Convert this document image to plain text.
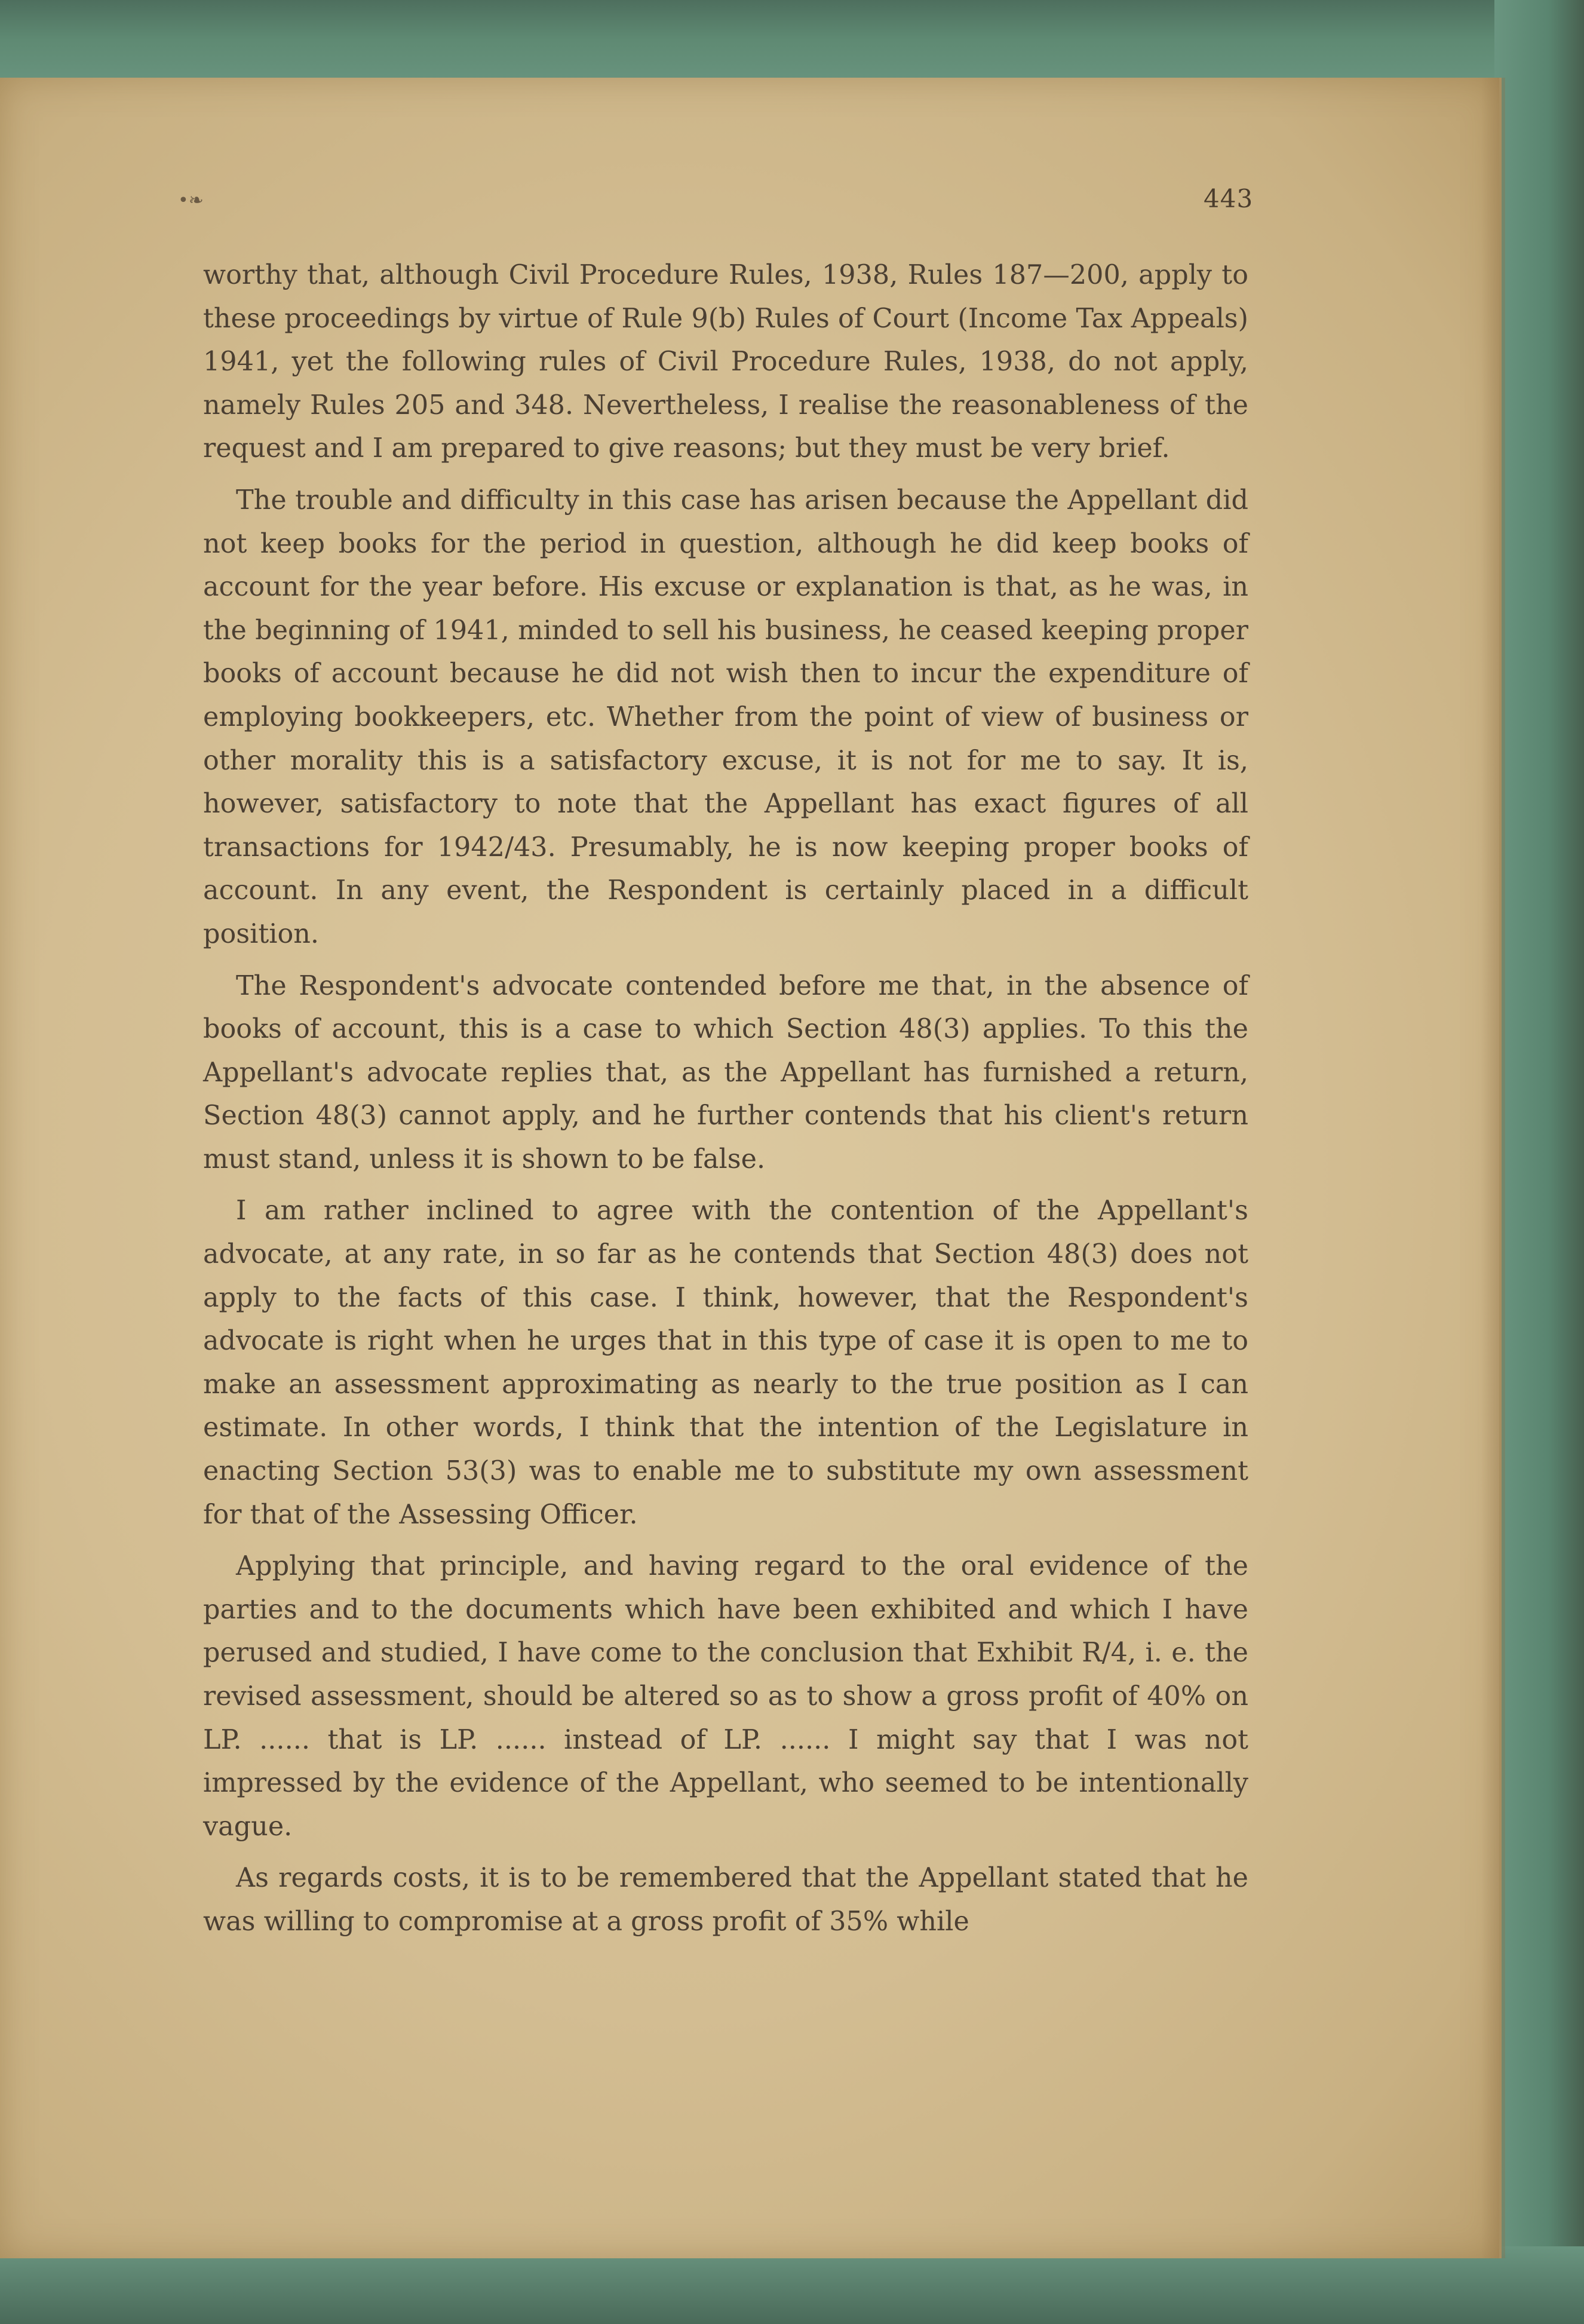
•❧	443

worthy that, although Civil Procedure Rules, 1938, Rules 187—200, apply to these proceedings by virtue of Rule 9(b) Rules of Court (Income Tax Appeals) 1941, yet the following rules of Civil Procedure Rules, 1938, do not apply, namely Rules 205 and 348. Nevertheless, I realise the reasonableness of the request and I am prepared to give reasons; but they must be very brief.

The trouble and difficulty in this case has arisen because the Appellant did not keep books for the period in question, although he did keep books of account for the year before. His excuse or explanation is that, as he was, in the beginning of 1941, minded to sell his business, he ceased keeping proper books of account because he did not wish then to incur the expenditure of employing bookkeepers, etc. Whether from the point of view of business or other morality this is a satisfactory excuse, it is not for me to say. It is, however, satisfactory to note that the Appellant has exact figures of all transactions for 1942/43. Presumably, he is now keeping proper books of account. In any event, the Respondent is certainly placed in a difficult position.

The Respondent's advocate contended before me that, in the absence of books of account, this is a case to which Section 48(3) applies. To this the Appellant's advocate replies that, as the Appellant has furnished a return, Section 48(3) cannot apply, and he further contends that his client's return must stand, unless it is shown to be false.

I am rather inclined to agree with the contention of the Appellant's advocate, at any rate, in so far as he contends that Section 48(3) does not apply to the facts of this case. I think, however, that the Respondent's advocate is right when he urges that in this type of case it is open to me to make an assessment approximating as nearly to the true position as I can estimate. In other words, I think that the intention of the Legislature in enacting Section 53(3) was to enable me to substitute my own assessment for that of the Assessing Officer.

Applying that principle, and having regard to the oral evidence of the parties and to the documents which have been exhibited and which I have perused and studied, I have come to the conclusion that Exhibit R/4, i. e. the revised assessment, should be altered so as to show a gross profit of 40% on LP. ...... that is LP. ...... instead of LP. ...... I might say that I was not impressed by the evidence of the Appellant, who seemed to be intentionally vague.

As regards costs, it is to be remembered that the Appellant stated that he was willing to compromise at a gross profit of 35% while
